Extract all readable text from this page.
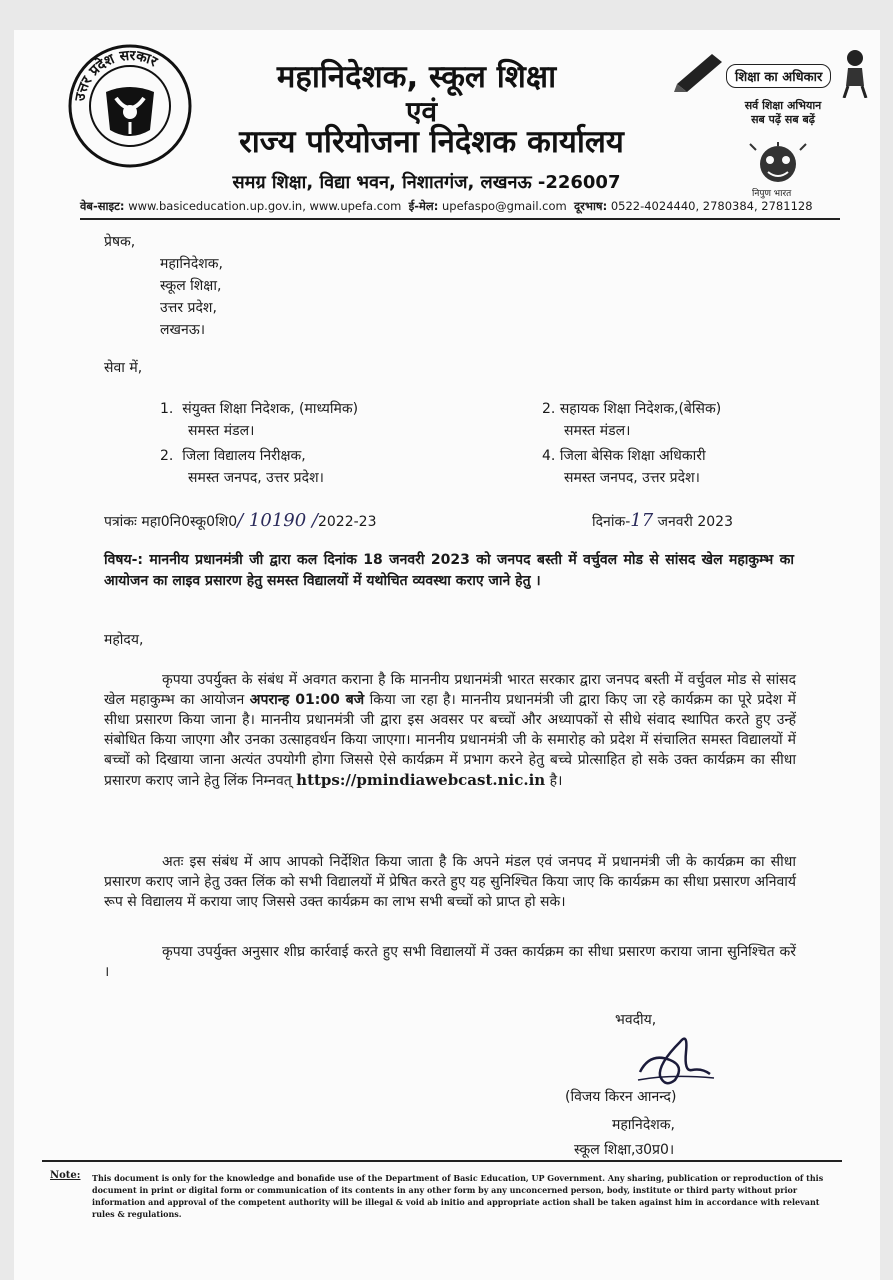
उत्तर प्रदेश सरकार	महानिदेशक, स्कूल शिक्षा
एवं
राज्य परियोजना निदेशक कार्यालय
समग्र शिक्षा, विद्या भवन, निशातगंज, लखनऊ -226007
शिक्षा का अधिकार
सर्व शिक्षा अभियान
सब पढ़ें सब बढ़ें
निपुण भारत
वेब-साइट: www.basiceducation.up.gov.in, www.upefa.com ई-मेल: upefaspo@gmail.com दूरभाष: 0522-4024440, 2780384, 2781128
प्रेषक,
महानिदेशक,
स्कूल शिक्षा,
उत्तर प्रदेश,
लखनऊ।
सेवा में,
1. संयुक्त शिक्षा निदेशक, (माध्यमिक)
समस्त मंडल।
2. सहायक शिक्षा निदेशक,(बेसिक)
समस्त मंडल।
2. जिला विद्यालय निरीक्षक,
समस्त जनपद, उत्तर प्रदेश।
4. जिला बेसिक शिक्षा अधिकारी
समस्त जनपद, उत्तर प्रदेश।
पत्रांकः महा0नि0स्कू0शि0/ 10190 /2022-23	दिनांक-17 जनवरी 2023
विषय-: माननीय प्रधानमंत्री जी द्वारा कल दिनांक 18 जनवरी 2023 को जनपद बस्ती में वर्चुवल मोड से सांसद खेल महाकुम्भ का आयोजन का लाइव प्रसारण हेतु समस्त विद्यालयों में यथोचित व्यवस्था कराए जाने हेतु ।
महोदय,
कृपया उपर्युक्त के संबंध में अवगत कराना है कि माननीय प्रधानमंत्री भारत सरकार द्वारा जनपद बस्ती में वर्चुवल मोड से सांसद खेल महाकुम्भ का आयोजन अपरान्ह 01:00 बजे किया जा रहा है। माननीय प्रधानमंत्री जी द्वारा किए जा रहे कार्यक्रम का पूरे प्रदेश में सीधा प्रसारण किया जाना है। माननीय प्रधानमंत्री जी द्वारा इस अवसर पर बच्चों और अध्यापकों से सीधे संवाद स्थापित करते हुए उन्हें संबोधित किया जाएगा और उनका उत्साहवर्धन किया जाएगा। माननीय प्रधानमंत्री जी के समारोह को प्रदेश में संचालित समस्त विद्यालयों में बच्चों को दिखाया जाना अत्यंत उपयोगी होगा जिससे ऐसे कार्यक्रम में प्रभाग करने हेतु बच्चे प्रोत्साहित हो सके उक्त कार्यक्रम का सीधा प्रसारण कराए जाने हेतु लिंक निम्नवत् https://pmindiawebcast.nic.in है।
अतः इस संबंध में आप आपको निर्देशित किया जाता है कि अपने मंडल एवं जनपद में प्रधानमंत्री जी के कार्यक्रम का सीधा प्रसारण कराए जाने हेतु उक्त लिंक को सभी विद्यालयों में प्रेषित करते हुए यह सुनिश्चित किया जाए कि कार्यक्रम का सीधा प्रसारण अनिवार्य रूप से विद्यालय में कराया जाए जिससे उक्त कार्यक्रम का लाभ सभी बच्चों को प्राप्त हो सके।
कृपया उपर्युक्त अनुसार शीघ्र कार्रवाई करते हुए सभी विद्यालयों में उक्त कार्यक्रम का सीधा प्रसारण कराया जाना सुनिश्चित करें ।
भवदीय,
(विजय किरन आनन्द)
महानिदेशक,
स्कूल शिक्षा,उ0प्र0।
Note: This document is only for the knowledge and bonafide use of the Department of Basic Education, UP Government. Any sharing, publication or reproduction of this document in print or digital form or communication of its contents in any other form by any unconcerned person, body, institute or third party without prior information and approval of the competent authority will be illegal & void ab initio and appropriate action shall be taken against him in accordance with relevant rules & regulations.
